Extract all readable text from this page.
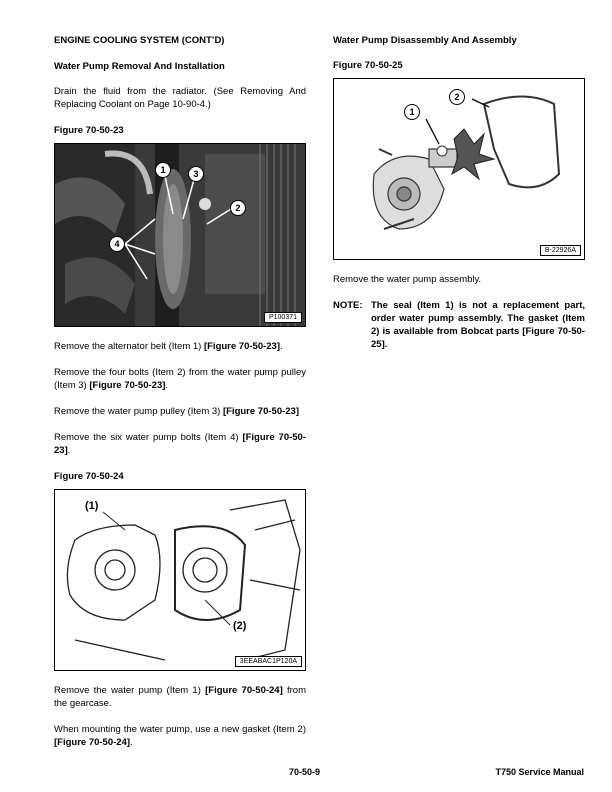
ENGINE COOLING SYSTEM (CONT’D)
Water Pump Removal And Installation

Drain the fluid from the radiator. (See Removing And Replacing Coolant on Page 10-90-4.)

Figure 70-50-23
1	3
2
4
P100371

Remove the alternator belt (Item 1) [Figure 70-50-23].

Remove the four bolts (Item 2) from the water pump pulley (Item 3) [Figure 70-50-23].

Remove the water pump pulley (Item 3) [Figure 70-50-23]

Remove the six water pump bolts (Item 4) [Figure 70-50-23].

Figure 70-50-24
(1)
(2)
3EEABAC1P120A

Remove the water pump (Item 1) [Figure 70-50-24] from the gearcase.

When mounting the water pump, use a new gasket (Item 2) [Figure 70-50-24].

Water Pump Disassembly And Assembly
Figure 70-50-25
2
1
B-22926A

Remove the water pump assembly.

NOTE: The seal (Item 1) is not a replacement part, order water pump assembly. The gasket (Item 2) is available from Bobcat parts [Figure 70-50-25].
70-50-9	T750 Service Manual
